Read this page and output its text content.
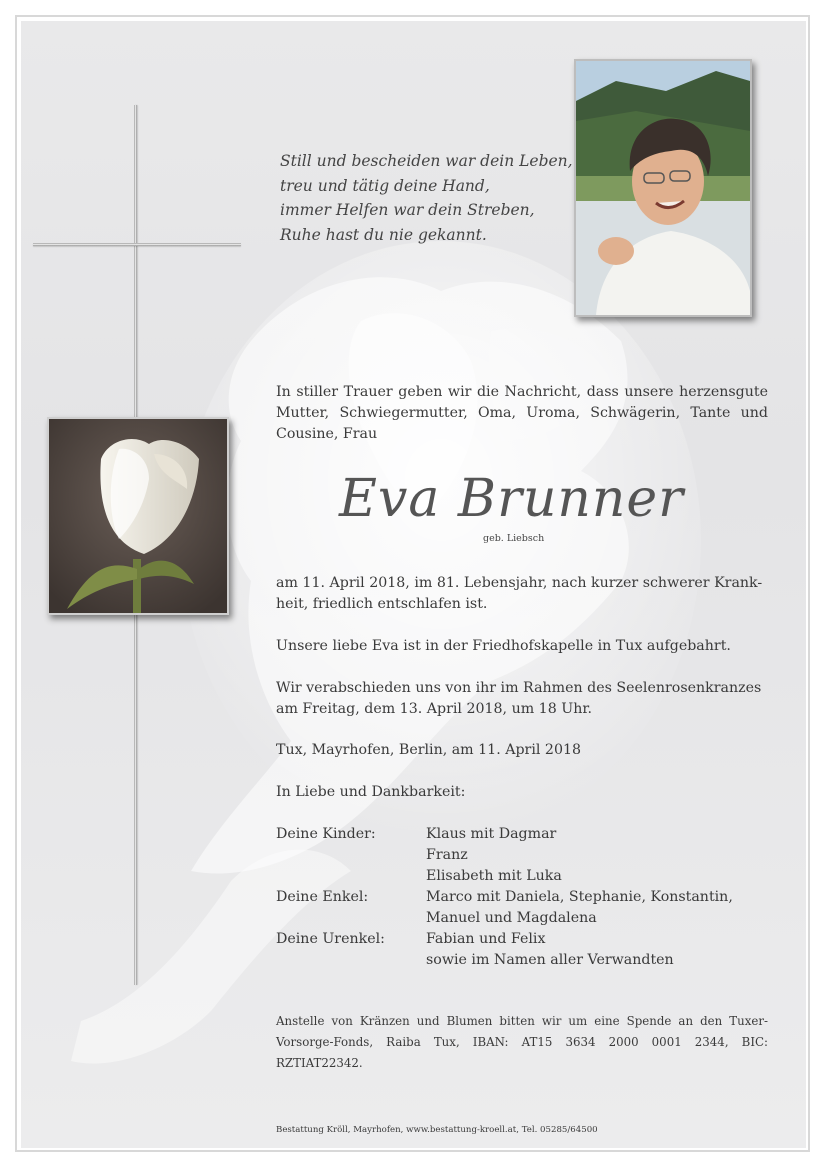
Still und bescheiden war dein Leben,
treu und tätig deine Hand,
immer Helfen war dein Streben,
Ruhe hast du nie gekannt.
In stiller Trauer geben wir die Nachricht, dass unsere herzensgute Mutter, Schwiegermutter, Oma, Uroma, Schwägerin, Tante und Cousine, Frau
Eva Brunner
geb. Liebsch
am 11. April 2018, im 81. Lebensjahr, nach kurzer schwerer Krank-
heit, friedlich entschlafen ist.
Unsere liebe Eva ist in der Friedhofskapelle in Tux aufgebahrt.
Wir verabschieden uns von ihr im Rahmen des Seelenrosenkranzes
am Freitag, dem 13. April 2018, um 18 Uhr.
Tux, Mayrhofen, Berlin, am 11. April 2018
In Liebe und Dankbarkeit:
Deine Kinder:	Klaus mit Dagmar
Franz
Elisabeth mit Luka
Deine Enkel:	Marco mit Daniela, Stephanie, Konstantin,
Manuel und Magdalena
Deine Urenkel:	Fabian und Felix
sowie im Namen aller Verwandten
Anstelle von Kränzen und Blumen bitten wir um eine Spende an den Tuxer-Vorsorge-Fonds, Raiba Tux, IBAN: AT15 3634 2000 0001 2344, BIC: RZTIAT22342.
Bestattung Kröll, Mayrhofen, www.bestattung-kroell.at, Tel. 05285/64500
